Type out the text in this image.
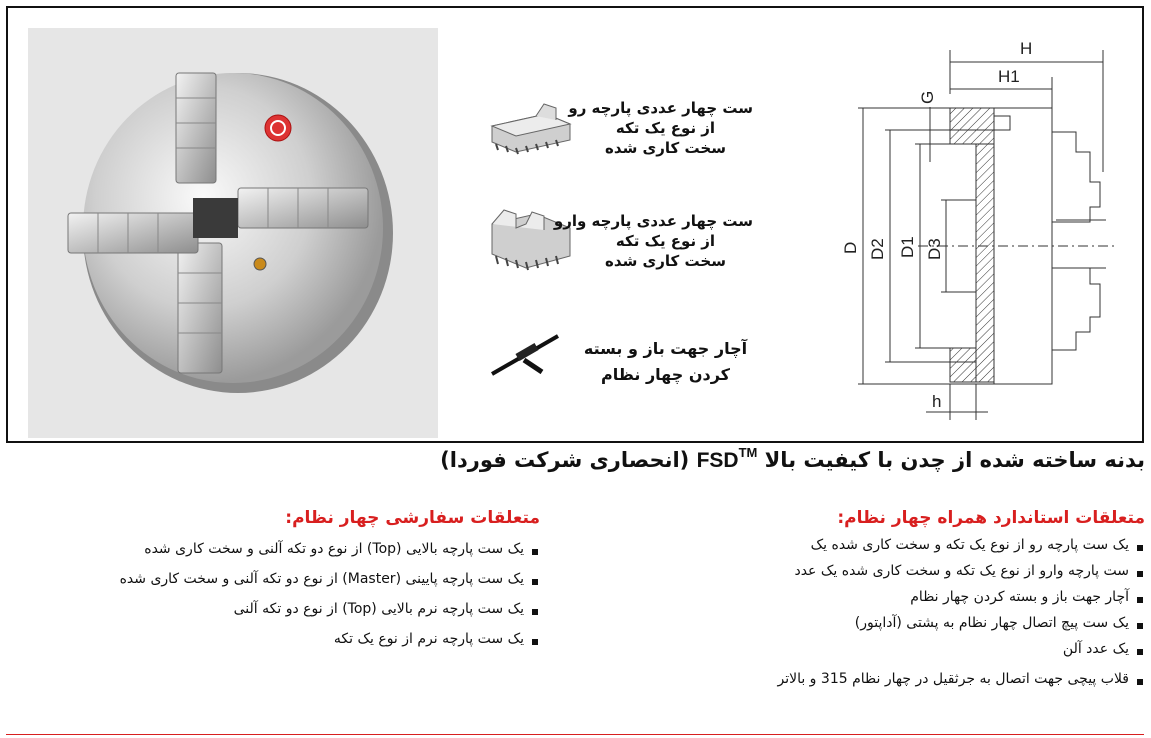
ست چهار عددی پارچه رو
از نوع یک تکه
سخت کاری شده
ست چهار عددی پارچه وارو
از نوع یک تکه
سخت کاری شده
آچار جهت باز و بسته
کردن چهار نظام
H
H1
G
D D2 D1 D3
h
بدنه ساخته شده از چدن با کیفیت بالا FSD™ (انحصاری شرکت فوردا)
متعلقات استاندارد همراه چهار نظام:
یک ست پارچه رو از نوع یک تکه و سخت کاری شده یک
ست پارچه وارو از نوع یک تکه و سخت کاری شده یک عدد
آچار جهت باز و بسته کردن چهار نظام
یک ست پیچ اتصال چهار نظام به پشتی (آداپتور)
یک عدد آلن
قلاب پیچی جهت اتصال به جرثقیل در چهار نظام 315 و بالاتر
متعلقات سفارشی چهار نظام:
یک ست پارچه بالایی (Top) از نوع دو تکه آلنی و سخت کاری شده
یک ست پارچه پایینی (Master) از نوع دو تکه آلنی و سخت کاری شده
یک ست پارچه نرم بالایی (Top) از نوع دو تکه آلنی
یک ست پارچه نرم از نوع یک تکه
